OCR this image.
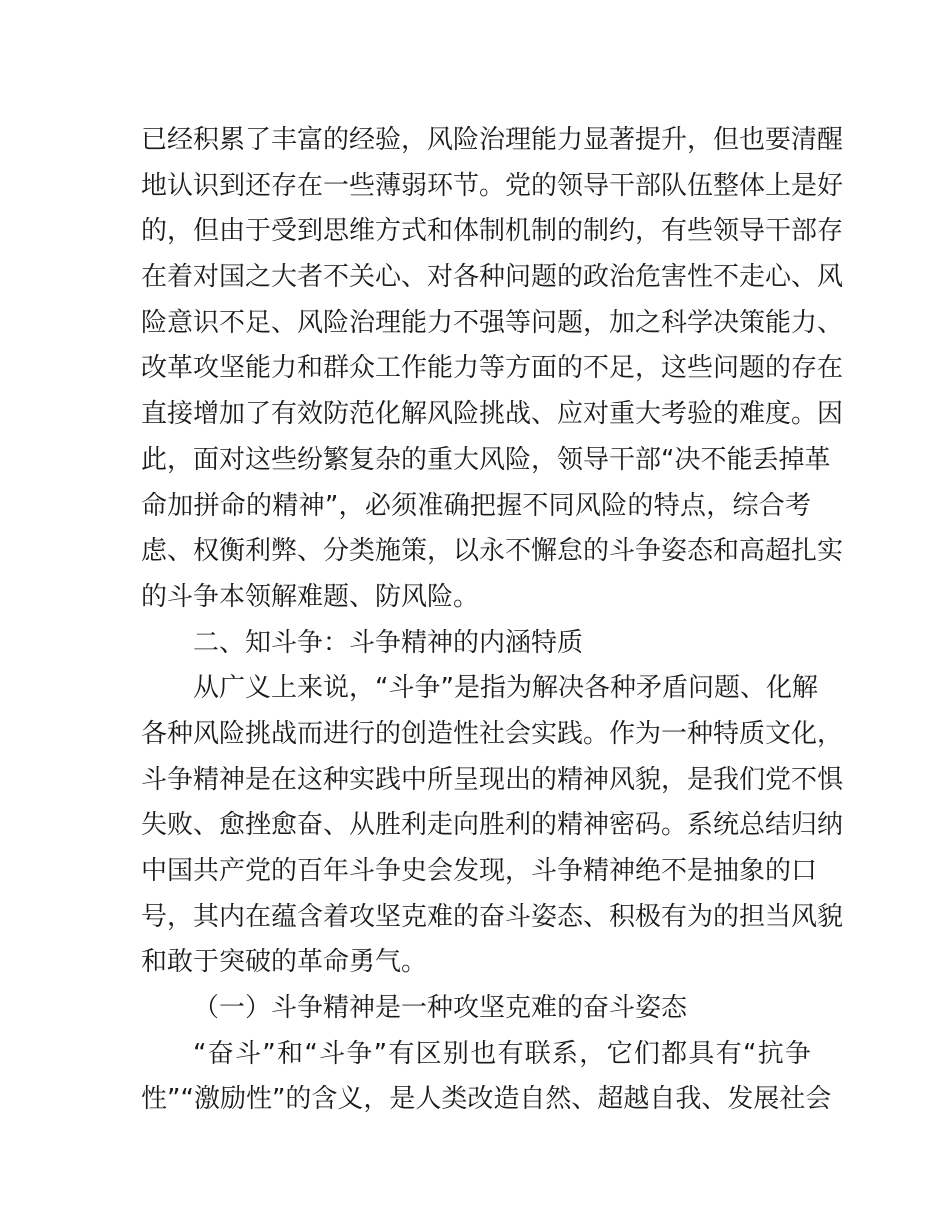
已经积累了丰富的经验，风险治理能力显著提升，但也要清醒
地认识到还存在一些薄弱环节。党的领导干部队伍整体上是好
的，但由于受到思维方式和体制机制的制约，有些领导干部存
在着对国之大者不关心、对各种问题的政治危害性不走心、风
险意识不足、风险治理能力不强等问题，加之科学决策能力、
改革攻坚能力和群众工作能力等方面的不足，这些问题的存在
直接增加了有效防范化解风险挑战、应对重大考验的难度。因
此，面对这些纷繁复杂的重大风险，领导干部“决不能丢掉革
命加拼命的精神”，必须准确把握不同风险的特点，综合考
虑、权衡利弊、分类施策，以永不懈怠的斗争姿态和高超扎实
的斗争本领解难题、防风险。
二、知斗争：斗争精神的内涵特质
从广义上来说，“斗争”是指为解决各种矛盾问题、化解
各种风险挑战而进行的创造性社会实践。作为一种特质文化，
斗争精神是在这种实践中所呈现出的精神风貌，是我们党不惧
失败、愈挫愈奋、从胜利走向胜利的精神密码。系统总结归纳
中国共产党的百年斗争史会发现，斗争精神绝不是抽象的口
号，其内在蕴含着攻坚克难的奋斗姿态、积极有为的担当风貌
和敢于突破的革命勇气。
（一）斗争精神是一种攻坚克难的奋斗姿态
“奋斗”和“斗争”有区别也有联系，它们都具有“抗争
性”“激励性”的含义，是人类改造自然、超越自我、发展社会
